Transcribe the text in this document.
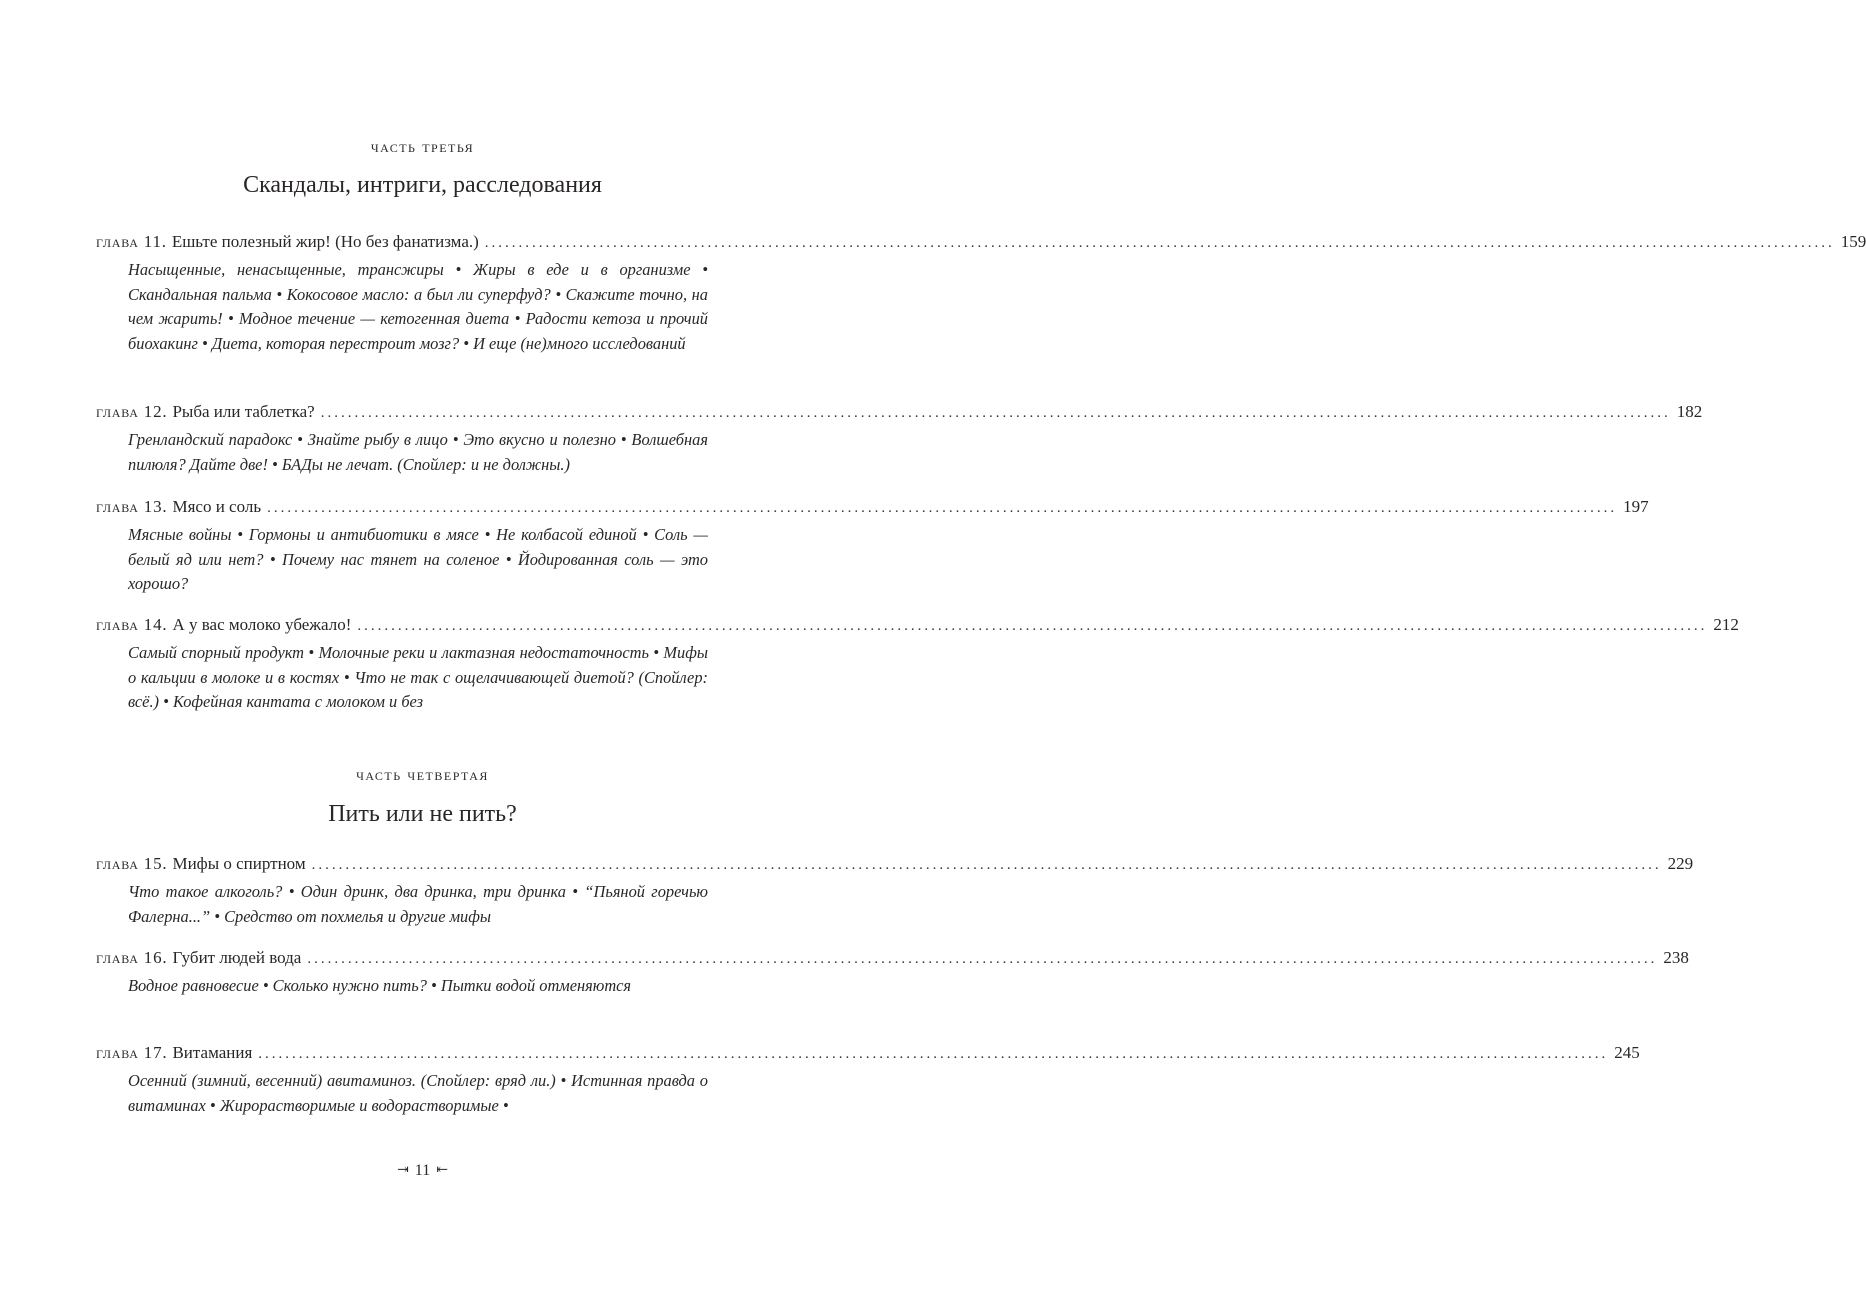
часть третья
Скандалы, интриги, расследования
глава 11. Ешьте полезный жир! (Но без фанатизма.) ........................................................................................................................................................................................................ 159
Насыщенные, ненасыщенные, трансжиры • Жиры в еде и в организме • Скандальная пальма • Кокосовое масло: а был ли суперфуд? • Скажите точно, на чем жарить! • Модное течение — кетогенная диета • Радости кетоза и прочий биохакинг • Диета, которая перестроит мозг? • И еще (не)много исследований
глава 12. Рыба или таблетка? ........................................................................................................................................................................................................ 182
Гренландский парадокс • Знайте рыбу в лицо • Это вкусно и полезно • Волшебная пилюля? Дайте две! • БАДы не лечат. (Спойлер: и не должны.)
глава 13. Мясо и соль ........................................................................................................................................................................................................ 197
Мясные войны • Гормоны и антибиотики в мясе • Не колбасой единой • Соль — белый яд или нет? • Почему нас тянет на соленое • Йодированная соль — это хорошо?
глава 14. А у вас молоко убежало! ........................................................................................................................................................................................................ 212
Самый спорный продукт • Молочные реки и лактазная недостаточность • Мифы о кальции в молоке и в костях • Что не так с ощелачивающей диетой? (Спойлер: всё.) • Кофейная кантата с молоком и без
часть четвертая
Пить или не пить?
глава 15. Мифы о спиртном ........................................................................................................................................................................................................ 229
Что такое алкоголь? • Один дринк, два дринка, три дринка • “Пьяной горечью Фалерна...” • Средство от похмелья и другие мифы
глава 16. Губит людей вода ........................................................................................................................................................................................................ 238
Водное равновесие • Сколько нужно пить? • Пытки водой отменяются
глава 17. Витамания ........................................................................................................................................................................................................ 245
Осенний (зимний, весенний) авитаминоз. (Спойлер: вряд ли.) • Истинная правда о витаминах • Жирорастворимые и водорастворимые •
⇥ 11 ⇤
